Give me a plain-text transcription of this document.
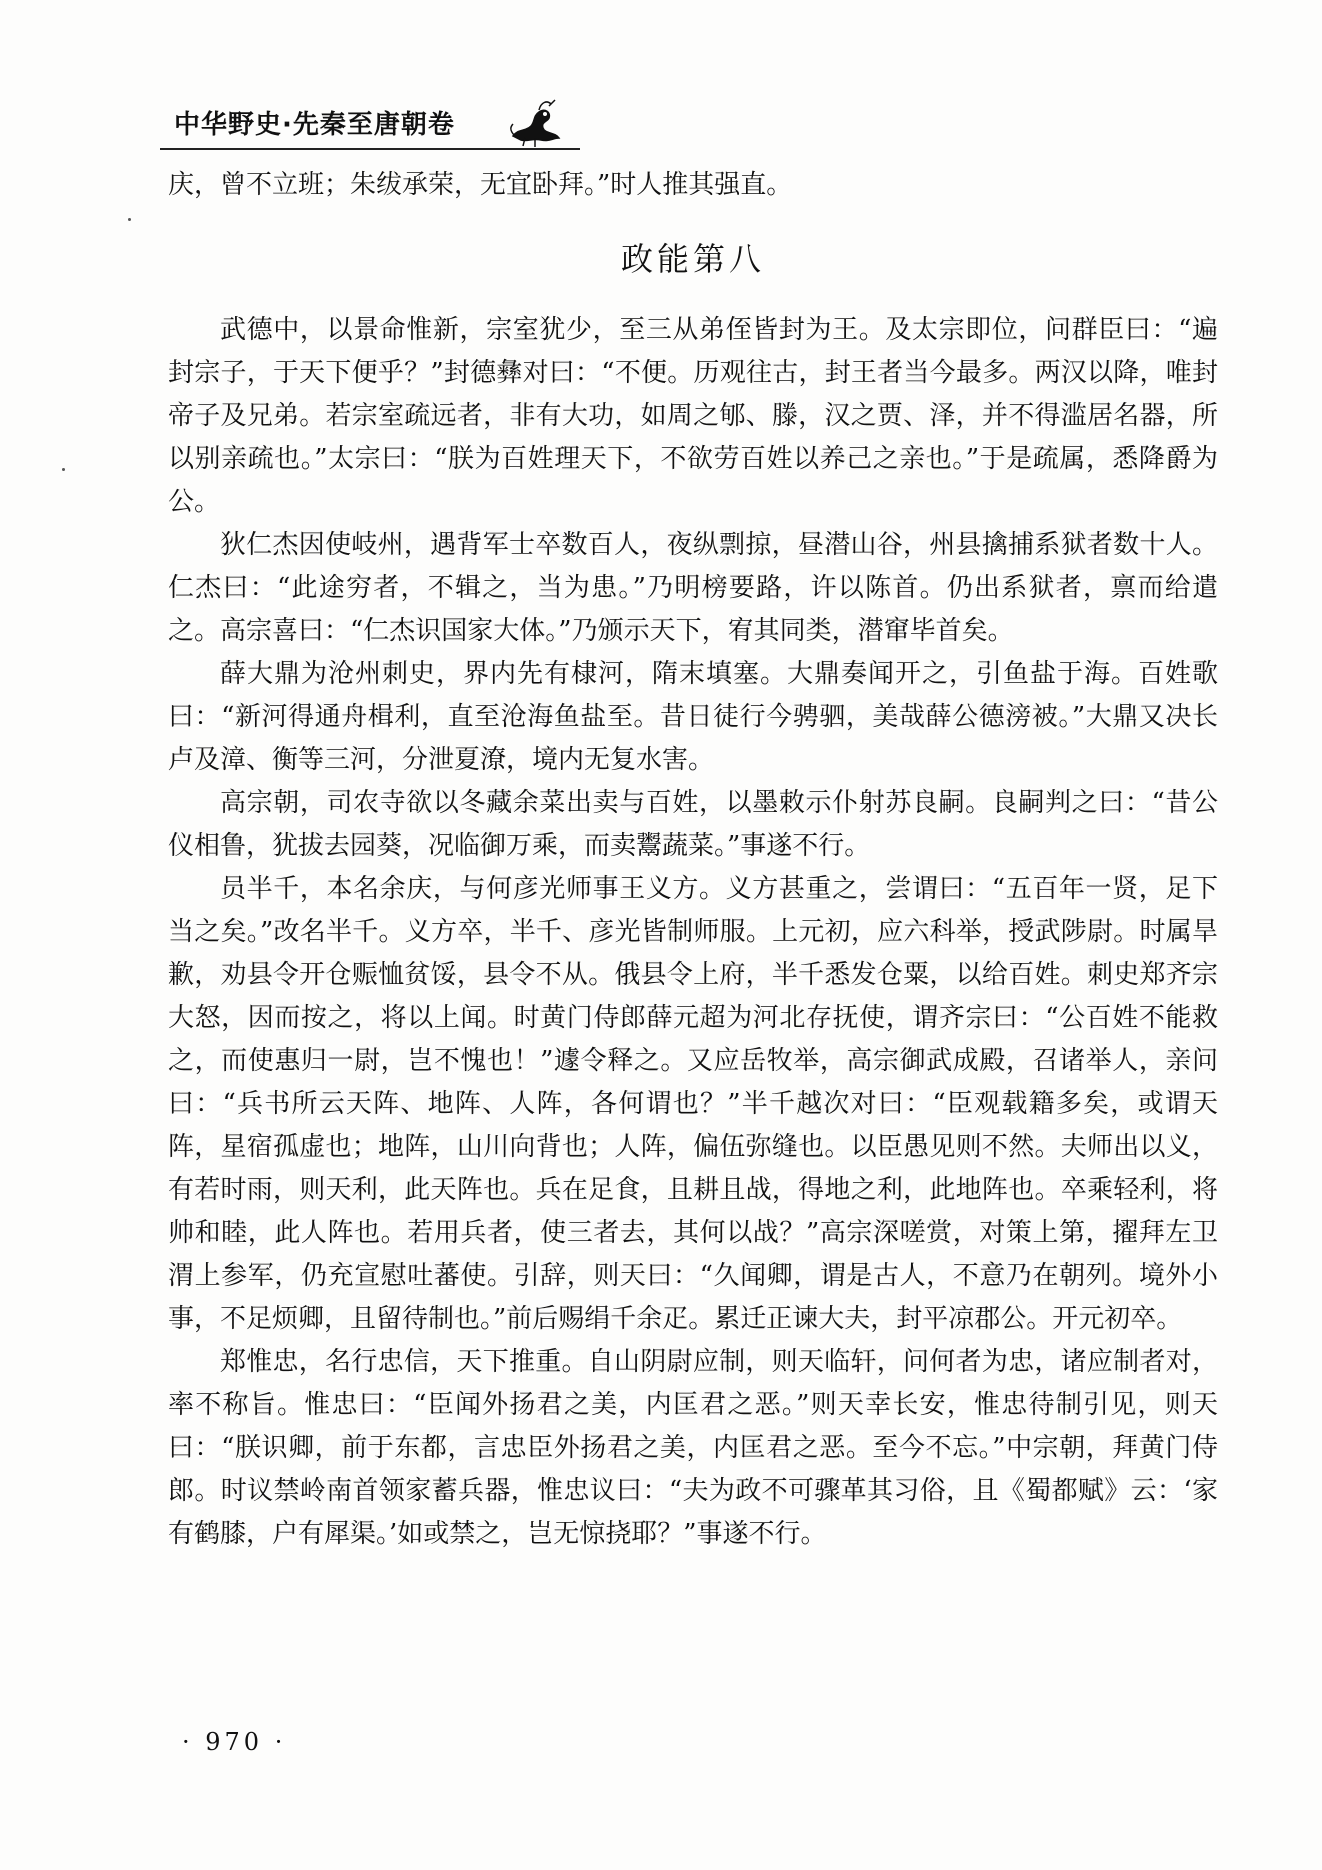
中华野史·先秦至唐朝卷

庆，曾不立班；朱绂承荣，无宜卧拜。”时人推其强直。

政能第八

武德中，以景命惟新，宗室犹少，至三从弟侄皆封为王。及太宗即位，问群臣曰：“遍封宗子，于天下便乎？”封德彝对曰：“不便。历观往古，封王者当今最多。两汉以降，唯封帝子及兄弟。若宗室疏远者，非有大功，如周之郇、滕，汉之贾、泽，并不得滥居名器，所以别亲疏也。”太宗曰：“朕为百姓理天下，不欲劳百姓以养己之亲也。”于是疏属，悉降爵为公。

狄仁杰因使岐州，遇背军士卒数百人，夜纵剽掠，昼潜山谷，州县擒捕系狱者数十人。仁杰曰：“此途穷者，不辑之，当为患。”乃明榜要路，许以陈首。仍出系狱者，禀而给遣之。高宗喜曰：“仁杰识国家大体。”乃颁示天下，宥其同类，潜窜毕首矣。

薛大鼎为沧州刺史，界内先有棣河，隋末填塞。大鼎奏闻开之，引鱼盐于海。百姓歌曰：“新河得通舟楫利，直至沧海鱼盐至。昔日徒行今骋驷，美哉薛公德滂被。”大鼎又决长卢及漳、衡等三河，分泄夏潦，境内无复水害。

高宗朝，司农寺欲以冬藏余菜出卖与百姓，以墨敕示仆射苏良嗣。良嗣判之曰：“昔公仪相鲁，犹拔去园葵，况临御万乘，而卖鬻蔬菜。”事遂不行。

员半千，本名余庆，与何彦光师事王义方。义方甚重之，尝谓曰：“五百年一贤，足下当之矣。”改名半千。义方卒，半千、彦光皆制师服。上元初，应六科举，授武陟尉。时属旱歉，劝县令开仓赈恤贫馁，县令不从。俄县令上府，半千悉发仓粟，以给百姓。刺史郑齐宗大怒，因而按之，将以上闻。时黄门侍郎薛元超为河北存抚使，谓齐宗曰：“公百姓不能救之，而使惠归一尉，岂不愧也！”遽令释之。又应岳牧举，高宗御武成殿，召诸举人，亲问曰：“兵书所云天阵、地阵、人阵，各何谓也？”半千越次对曰：“臣观载籍多矣，或谓天阵，星宿孤虚也；地阵，山川向背也；人阵，偏伍弥缝也。以臣愚见则不然。夫师出以义，有若时雨，则天利，此天阵也。兵在足食，且耕且战，得地之利，此地阵也。卒乘轻利，将帅和睦，此人阵也。若用兵者，使三者去，其何以战？”高宗深嗟赏，对策上第，擢拜左卫渭上参军，仍充宣慰吐蕃使。引辞，则天曰：“久闻卿，谓是古人，不意乃在朝列。境外小事，不足烦卿，且留待制也。”前后赐绢千余疋。累迁正谏大夫，封平凉郡公。开元初卒。

郑惟忠，名行忠信，天下推重。自山阴尉应制，则天临轩，问何者为忠，诸应制者对，率不称旨。惟忠曰：“臣闻外扬君之美，内匡君之恶。”则天幸长安，惟忠待制引见，则天曰：“朕识卿，前于东都，言忠臣外扬君之美，内匡君之恶。至今不忘。”中宗朝，拜黄门侍郎。时议禁岭南首领家蓄兵器，惟忠议曰：“夫为政不可骤革其习俗，且《蜀都赋》云：‘家有鹤膝，户有犀渠。’如或禁之，岂无惊挠耶？”事遂不行。

· 970 ·
